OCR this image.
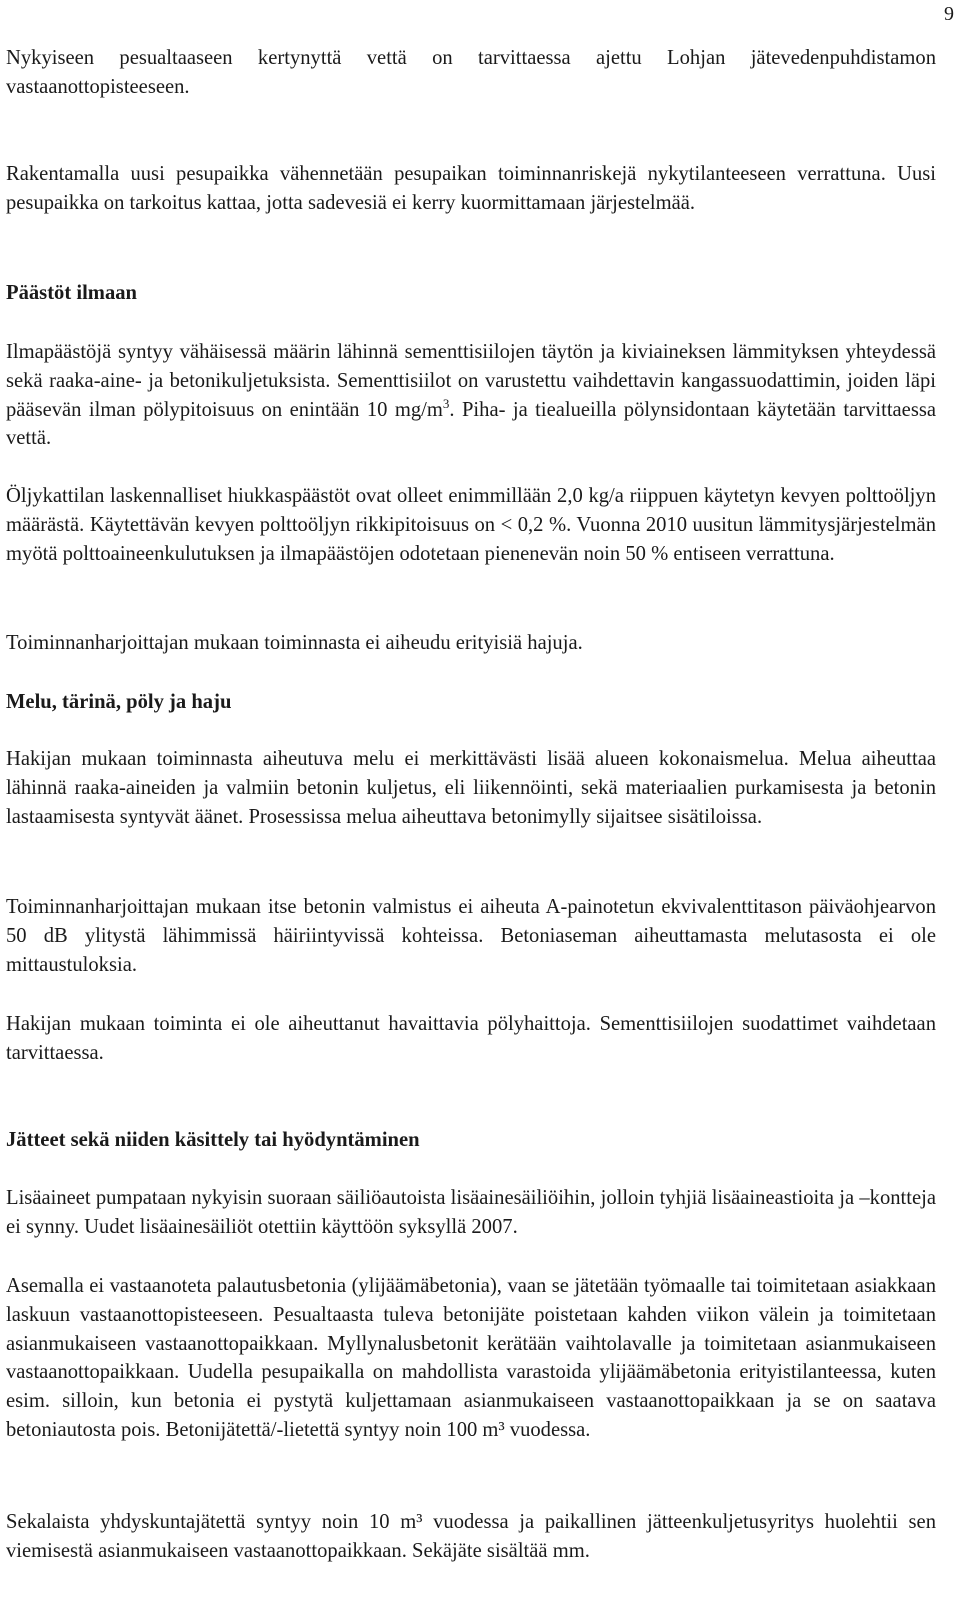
9

Nykyiseen pesualtaaseen kertynyttä vettä on tarvittaessa ajettu Lohjan jätevedenpuhdistamon vastaanottopisteeseen.

Rakentamalla uusi pesupaikka vähennetään pesupaikan toiminnanriskejä nykytilanteeseen verrattuna. Uusi pesupaikka on tarkoitus kattaa, jotta sadevesiä ei kerry kuormittamaan järjestelmää.

Päästöt ilmaan

Ilmapäästöjä syntyy vähäisessä määrin lähinnä sementtisiilojen täytön ja kiviaineksen lämmityksen yhteydessä sekä raaka-aine- ja betonikuljetuksista. Sementtisiilot on varustettu vaihdettavin kangassuodattimin, joiden läpi pääsevän ilman pölypitoisuus on enintään 10 $mg/m^3$. Piha- ja tiealueilla pölynsidontaan käytetään tarvittaessa vettä.

Öljykattilan laskennalliset hiukkaspäästöt ovat olleet enimmillään 2,0 kg/a riippuen käytetyn kevyen polttoöljyn määrästä. Käytettävän kevyen polttoöljyn rikkipitoisuus on < 0,2 %. Vuonna 2010 uusitun lämmitysjärjestelmän myötä polttoaineenkulutuksen ja ilmapäästöjen odotetaan pienenevän noin 50 % entiseen verrattuna.

Toiminnanharjoittajan mukaan toiminnasta ei aiheudu erityisiä hajuja.

Melu, tärinä, pöly ja haju

Hakijan mukaan toiminnasta aiheutuva melu ei merkittävästi lisää alueen kokonaismelua. Melua aiheuttaa lähinnä raaka-aineiden ja valmiin betonin kuljetus, eli liikennöinti, sekä materiaalien purkamisesta ja betonin lastaamisesta syntyvät äänet. Prosessissa melua aiheuttava betonimylly sijaitsee sisätiloissa.

Toiminnanharjoittajan mukaan itse betonin valmistus ei aiheuta A-painotetun ekvivalenttitason päiväohjearvon 50 dB ylitystä lähimmissä häiriintyvissä kohteissa. Betoniaseman aiheuttamasta melutasosta ei ole mittaustuloksia.

Hakijan mukaan toiminta ei ole aiheuttanut havaittavia pölyhaittoja. Sementtisiilojen suodattimet vaihdetaan tarvittaessa.

Jätteet sekä niiden käsittely tai hyödyntäminen

Lisäaineet pumpataan nykyisin suoraan säiliöautoista lisäainesäiliöihin, jolloin tyhjiä lisäaineastioita ja –kontteja ei synny. Uudet lisäainesäiliöt otettiin käyttöön syksyllä 2007.

Asemalla ei vastaanoteta palautusbetonia (ylijäämäbetonia), vaan se jätetään työmaalle tai toimitetaan asiakkaan laskuun vastaanottopisteeseen. Pesualtaasta tuleva betonijäte poistetaan kahden viikon välein ja toimitetaan asianmukaiseen vastaanottopaikkaan. Myllynalusbetonit kerätään vaihtolavalle ja toimitetaan asianmukaiseen vastaanottopaikkaan. Uudella pesupaikalla on mahdollista varastoida ylijäämäbetonia erityistilanteessa, kuten esim. silloin, kun betonia ei pystytä kuljettamaan asianmukaiseen vastaanottopaikkaan ja se on saatava betoniautosta pois. Betonijätettä/-lietettä syntyy noin 100 m³ vuodessa.

Sekalaista yhdyskuntajätettä syntyy noin 10 m³ vuodessa ja paikallinen jätteenkuljetusyritys huolehtii sen viemisestä asianmukaiseen vastaanottopaikkaan. Sekäjäte sisältää mm.
